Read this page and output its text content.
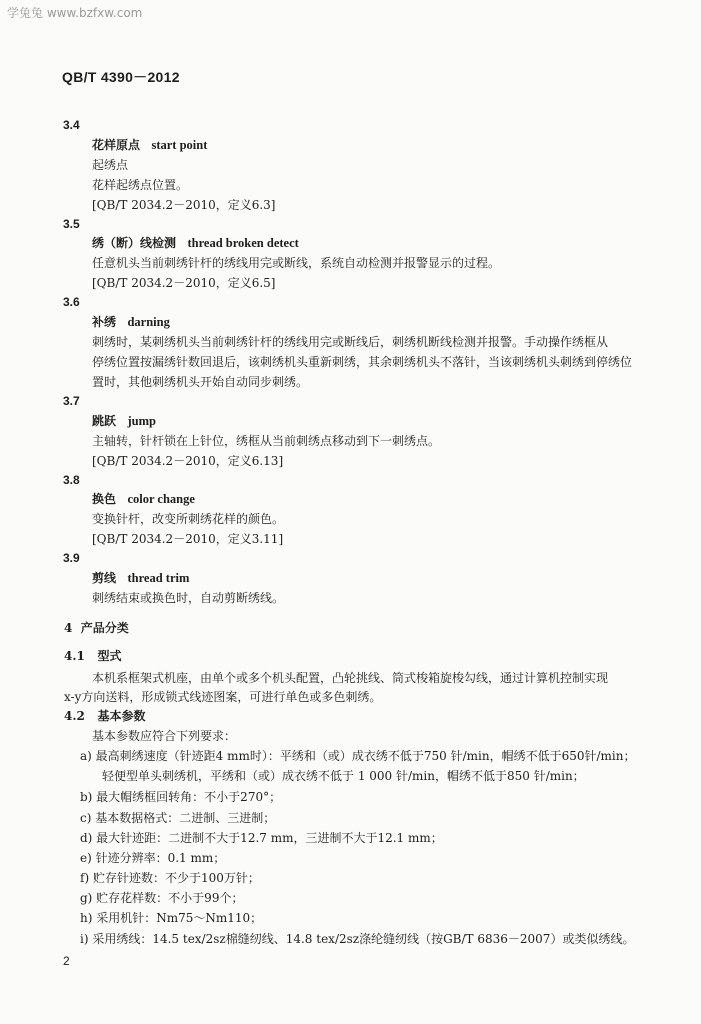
学兔兔 www.bzfxw.com
QB/T 4390－2012
3.4
花样原点 start point
起绣点
花样起绣点位置。
[QB/T 2034.2－2010，定义6.3]
3.5
绣（断）线检测 thread broken detect
任意机头当前刺绣针杆的绣线用完或断线，系统自动检测并报警显示的过程。
[QB/T 2034.2－2010，定义6.5]
3.6
补绣 darning
刺绣时，某刺绣机头当前刺绣针杆的绣线用完或断线后，刺绣机断线检测并报警。手动操作绣框从
停绣位置按漏绣针数回退后，该刺绣机头重新刺绣，其余刺绣机头不落针，当该刺绣机头刺绣到停绣位
置时，其他刺绣机头开始自动同步刺绣。
3.7
跳跃 jump
主轴转，针杆锁在上针位，绣框从当前刺绣点移动到下一刺绣点。
[QB/T 2034.2－2010，定义6.13]
3.8
换色 color change
变换针杆，改变所刺绣花样的颜色。
[QB/T 2034.2－2010，定义3.11]
3.9
剪线 thread trim
刺绣结束或换色时，自动剪断绣线。
4 产品分类
4.1 型式
本机系框架式机座，由单个或多个机头配置，凸轮挑线、筒式梭箱旋梭勾线，通过计算机控制实现
x-y方向送料，形成锁式线迹图案，可进行单色或多色刺绣。
4.2 基本参数
基本参数应符合下列要求：
a) 最高刺绣速度（针迹距4 mm时）：平绣和（或）成衣绣不低于750 针/min，帽绣不低于650针/min；
轻便型单头刺绣机，平绣和（或）成衣绣不低于 1 000 针/min，帽绣不低于850 针/min；
b) 最大帽绣框回转角：不小于270°；
c) 基本数据格式：二进制、三进制；
d) 最大针迹距：二进制不大于12.7 mm，三进制不大于12.1 mm；
e) 针迹分辨率：0.1 mm；
f) 贮存针迹数：不少于100万针；
g) 贮存花样数：不小于99个；
h) 采用机针：Nm75～Nm110；
i) 采用绣线：14.5 tex/2sz棉缝纫线、14.8 tex/2sz涤纶缝纫线（按GB/T 6836－2007）或类似绣线。
2
